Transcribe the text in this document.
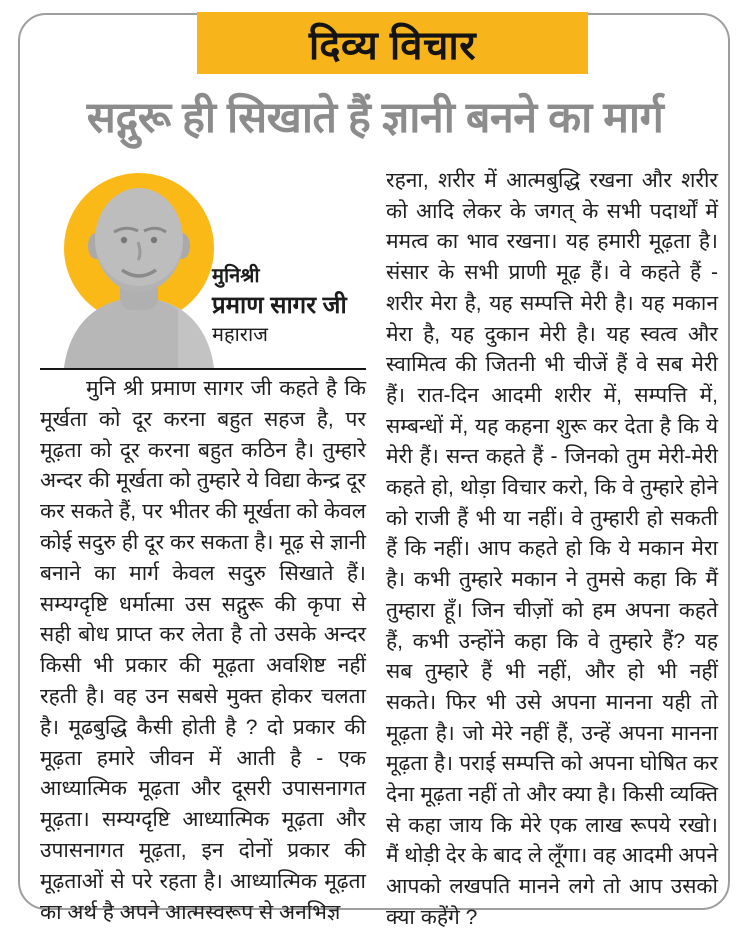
दिव्य विचार
सद्गुरू ही सिखाते हैं ज्ञानी बनने का मार्ग
मुनिश्री
प्रमाण सागर जी
महाराज

मुनि श्री प्रमाण सागर जी कहते है कि मूर्खता को दूर करना बहुत सहज है, पर मूढ़ता को दूर करना बहुत कठिन है। तुम्हारे अन्दर की मूर्खता को तुम्हारे ये विद्या केन्द्र दूर कर सकते हैं, पर भीतर की मूर्खता को केवल कोई सदुरु ही दूर कर सकता है। मूढ़ से ज्ञानी बनाने का मार्ग केवल सदुरु सिखाते हैं। सम्यग्दृष्टि धर्मात्मा उस सद्गुरू की कृपा से सही बोध प्राप्त कर लेता है तो उसके अन्दर किसी भी प्रकार की मूढ़ता अवशिष्ट नहीं रहती है। वह उन सबसे मुक्त होकर चलता है। मूढबुद्धि कैसी होती है ? दो प्रकार की मूढ़ता हमारे जीवन में आती है - एक आध्यात्मिक मूढ़ता और दूसरी उपासनागत मूढ़ता। सम्यग्दृष्टि आध्यात्मिक मूढ़ता और उपासनागत मूढ़ता, इन दोनों प्रकार की मूढ़ताओं से परे रहता है। आध्यात्मिक मूढ़ता का अर्थ है अपने आत्मस्वरूप से अनभिज्ञ

रहना, शरीर में आत्मबुद्धि रखना और शरीर को आदि लेकर के जगत् के सभी पदार्थों में ममत्व का भाव रखना। यह हमारी मूढ़ता है। संसार के सभी प्राणी मूढ़ हैं। वे कहते हैं - शरीर मेरा है, यह सम्पत्ति मेरी है। यह मकान मेरा है, यह दुकान मेरी है। यह स्वत्व और स्वामित्व की जितनी भी चीजें हैं वे सब मेरी हैं। रात-दिन आदमी शरीर में, सम्पत्ति में, सम्बन्धों में, यह कहना शुरू कर देता है कि ये मेरी हैं। सन्त कहते हैं - जिनको तुम मेरी-मेरी कहते हो, थोड़ा विचार करो, कि वे तुम्हारे होने को राजी हैं भी या नहीं। वे तुम्हारी हो सकती हैं कि नहीं। आप कहते हो कि ये मकान मेरा है। कभी तुम्हारे मकान ने तुमसे कहा कि मैं तुम्हारा हूँ। जिन चीज़ों को हम अपना कहते हैं, कभी उन्होंने कहा कि वे तुम्हारे हैं? यह सब तुम्हारे हैं भी नहीं, और हो भी नहीं सकते। फिर भी उसे अपना मानना यही तो मूढ़ता है। जो मेरे नहीं हैं, उन्हें अपना मानना मूढ़ता है। पराई सम्पत्ति को अपना घोषित कर देना मूढ़ता नहीं तो और क्या है। किसी व्यक्ति से कहा जाय कि मेरे एक लाख रूपये रखो। मैं थोड़ी देर के बाद ले लूँगा। वह आदमी अपने आपको लखपति मानने लगे तो आप उसको क्या कहेंगे ?
